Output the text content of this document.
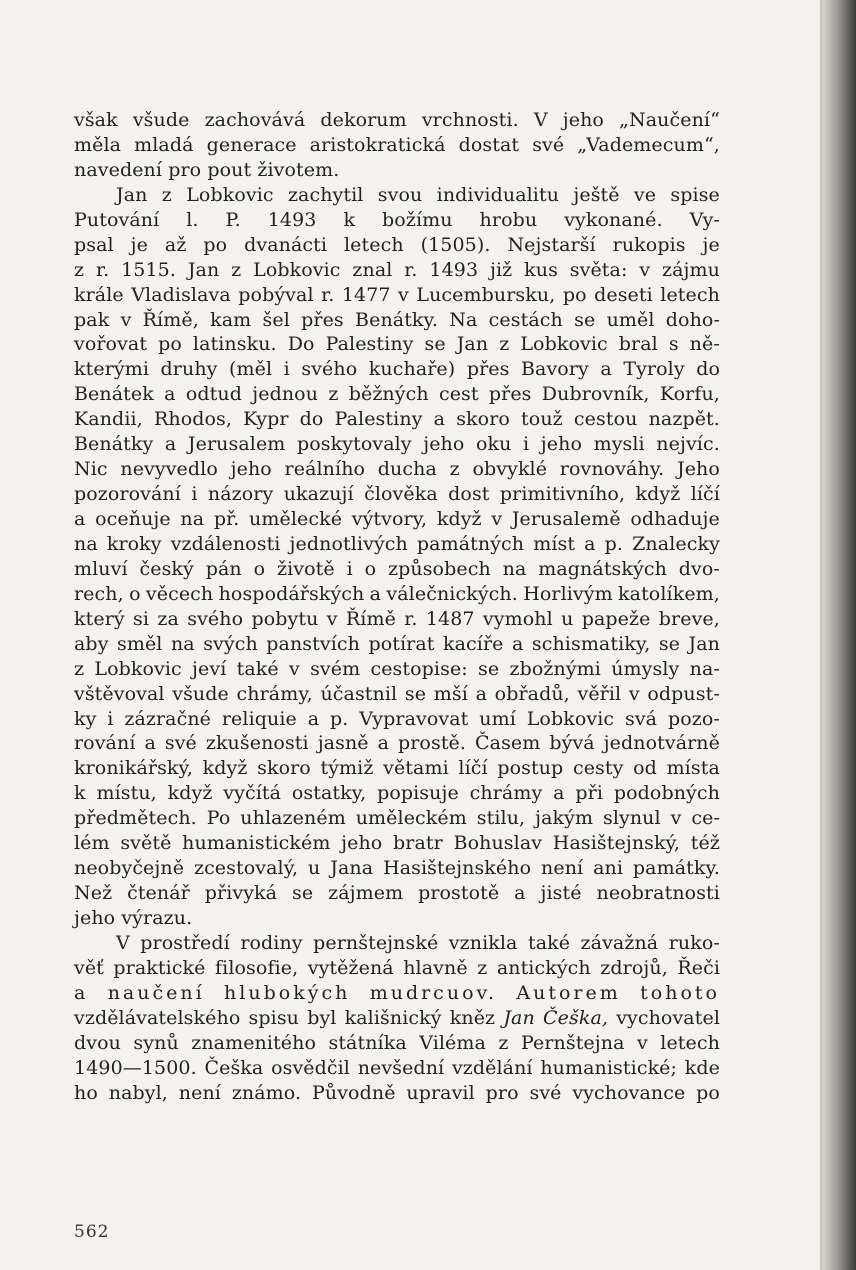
však všude zachovává dekorum vrchnosti. V jeho „Naučení“
měla mladá generace aristokratická dostat své „Vademecum“,
navedení pro pout životem.
Jan z Lobkovic zachytil svou individualitu ještě ve spise
Putování l. P. 1493 k božímu hrobu vykonané. Vy-
psal je až po dvanácti letech (1505). Nejstarší rukopis je
z r. 1515. Jan z Lobkovic znal r. 1493 již kus světa: v zájmu
krále Vladislava pobýval r. 1477 v Lucembursku, po deseti letech
pak v Římě, kam šel přes Benátky. Na cestách se uměl doho-
vořovat po latinsku. Do Palestiny se Jan z Lobkovic bral s ně-
kterými druhy (měl i svého kuchaře) přes Bavory a Tyroly do
Benátek a odtud jednou z běžných cest přes Dubrovník, Korfu,
Kandii, Rhodos, Kypr do Palestiny a skoro touž cestou nazpět.
Benátky a Jerusalem poskytovaly jeho oku i jeho mysli nejvíc.
Nic nevyvedlo jeho reálního ducha z obvyklé rovnováhy. Jeho
pozorování i názory ukazují člověka dost primitivního, když líčí
a oceňuje na př. umělecké výtvory, když v Jerusalemě odhaduje
na kroky vzdálenosti jednotlivých památných míst a p. Znalecky
mluví český pán o životě i o způsobech na magnátských dvo-
rech, o věcech hospodářských a válečnických. Horlivým katolíkem,
který si za svého pobytu v Římě r. 1487 vymohl u papeže breve,
aby směl na svých panstvích potírat kacíře a schismatiky, se Jan
z Lobkovic jeví také v svém cestopise: se zbožnými úmysly na-
vštěvoval všude chrámy, účastnil se mší a obřadů, věřil v odpust-
ky i zázračné reliquie a p. Vypravovat umí Lobkovic svá pozo-
rování a své zkušenosti jasně a prostě. Časem bývá jednotvárně
kronikářský, když skoro týmiž větami líčí postup cesty od místa
k místu, když vyčítá ostatky, popisuje chrámy a při podobných
předmětech. Po uhlazeném uměleckém stilu, jakým slynul v ce-
lém světě humanistickém jeho bratr Bohuslav Hasištejnský, též
neobyčejně zcestovalý, u Jana Hasištejnského není ani památky.
Než čtenář přivyká se zájmem prostotě a jisté neobratnosti
jeho výrazu.
V prostředí rodiny pernštejnské vznikla také závažná ruko-
věť praktické filosofie, vytěžená hlavně z antických zdrojů, Řeči
a naučení hlubokých mudrcuov. Autorem tohoto
vzdělávatelského spisu byl kališnický kněz Jan Češka, vychovatel
dvou synů znamenitého státníka Viléma z Pernštejna v letech
1490—1500. Češka osvědčil nevšední vzdělání humanistické; kde
ho nabyl, není známo. Původně upravil pro své vychovance po
562
